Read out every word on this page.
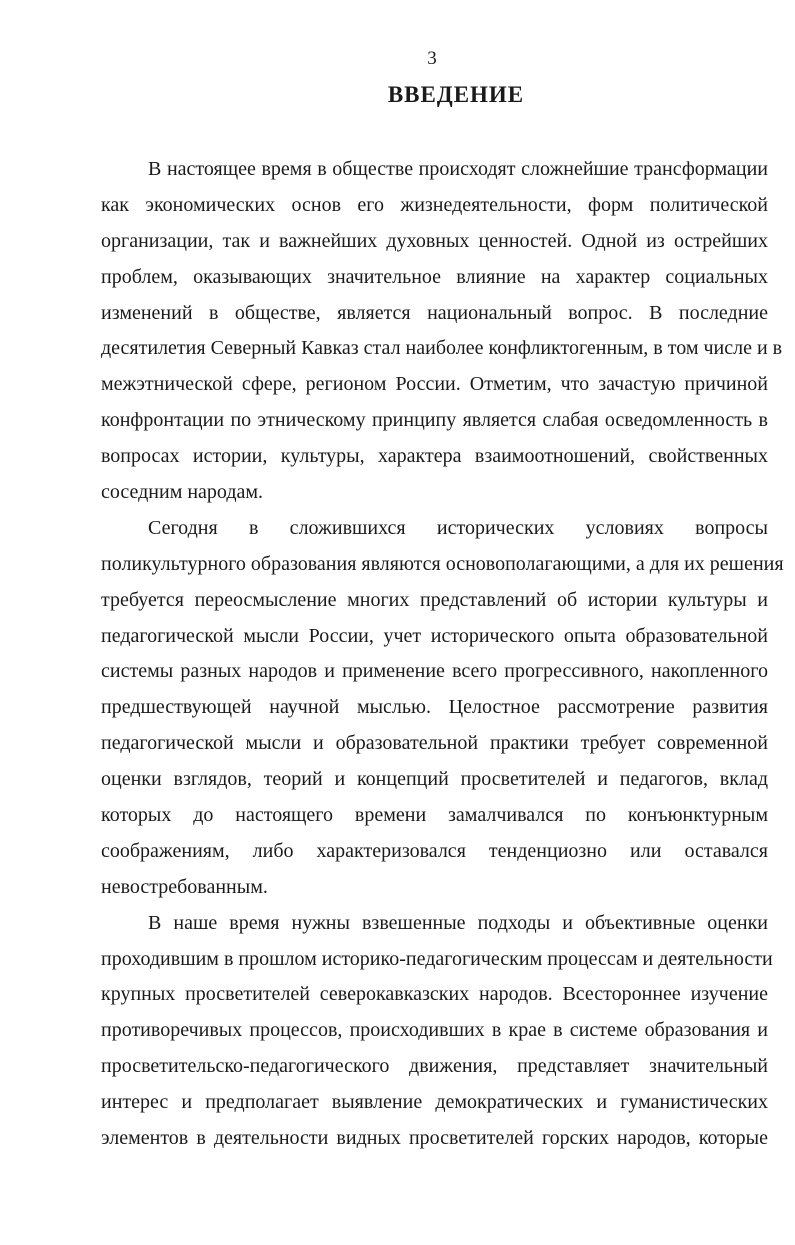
3
ВВЕДЕНИЕ
В настоящее время в обществе происходят сложнейшие трансформации
как экономических основ его жизнедеятельности, форм политической
организации, так и важнейших духовных ценностей. Одной из острейших
проблем, оказывающих значительное влияние на характер социальных
изменений в обществе, является национальный вопрос. В последние
десятилетия Северный Кавказ стал наиболее конфликтогенным, в том числе и в
межэтнической сфере, регионом России. Отметим, что зачастую причиной
конфронтации по этническому принципу является слабая осведомленность в
вопросах истории, культуры, характера взаимоотношений, свойственных
соседним народам.
Сегодня в сложившихся исторических условиях вопросы
поликультурного образования являются основополагающими, а для их решения
требуется переосмысление многих представлений об истории культуры и
педагогической мысли России, учет исторического опыта образовательной
системы разных народов и применение всего прогрессивного, накопленного
предшествующей научной мыслью. Целостное рассмотрение развития
педагогической мысли и образовательной практики требует современной
оценки взглядов, теорий и концепций просветителей и педагогов, вклад
которых до настоящего времени замалчивался по конъюнктурным
соображениям, либо характеризовался тенденциозно или оставался
невостребованным.
В наше время нужны взвешенные подходы и объективные оценки
проходившим в прошлом историко-педагогическим процессам и деятельности
крупных просветителей северокавказских народов. Всестороннее изучение
противоречивых процессов, происходивших в крае в системе образования и
просветительско-педагогического движения, представляет значительный
интерес и предполагает выявление демократических и гуманистических
элементов в деятельности видных просветителей горских народов, которые
